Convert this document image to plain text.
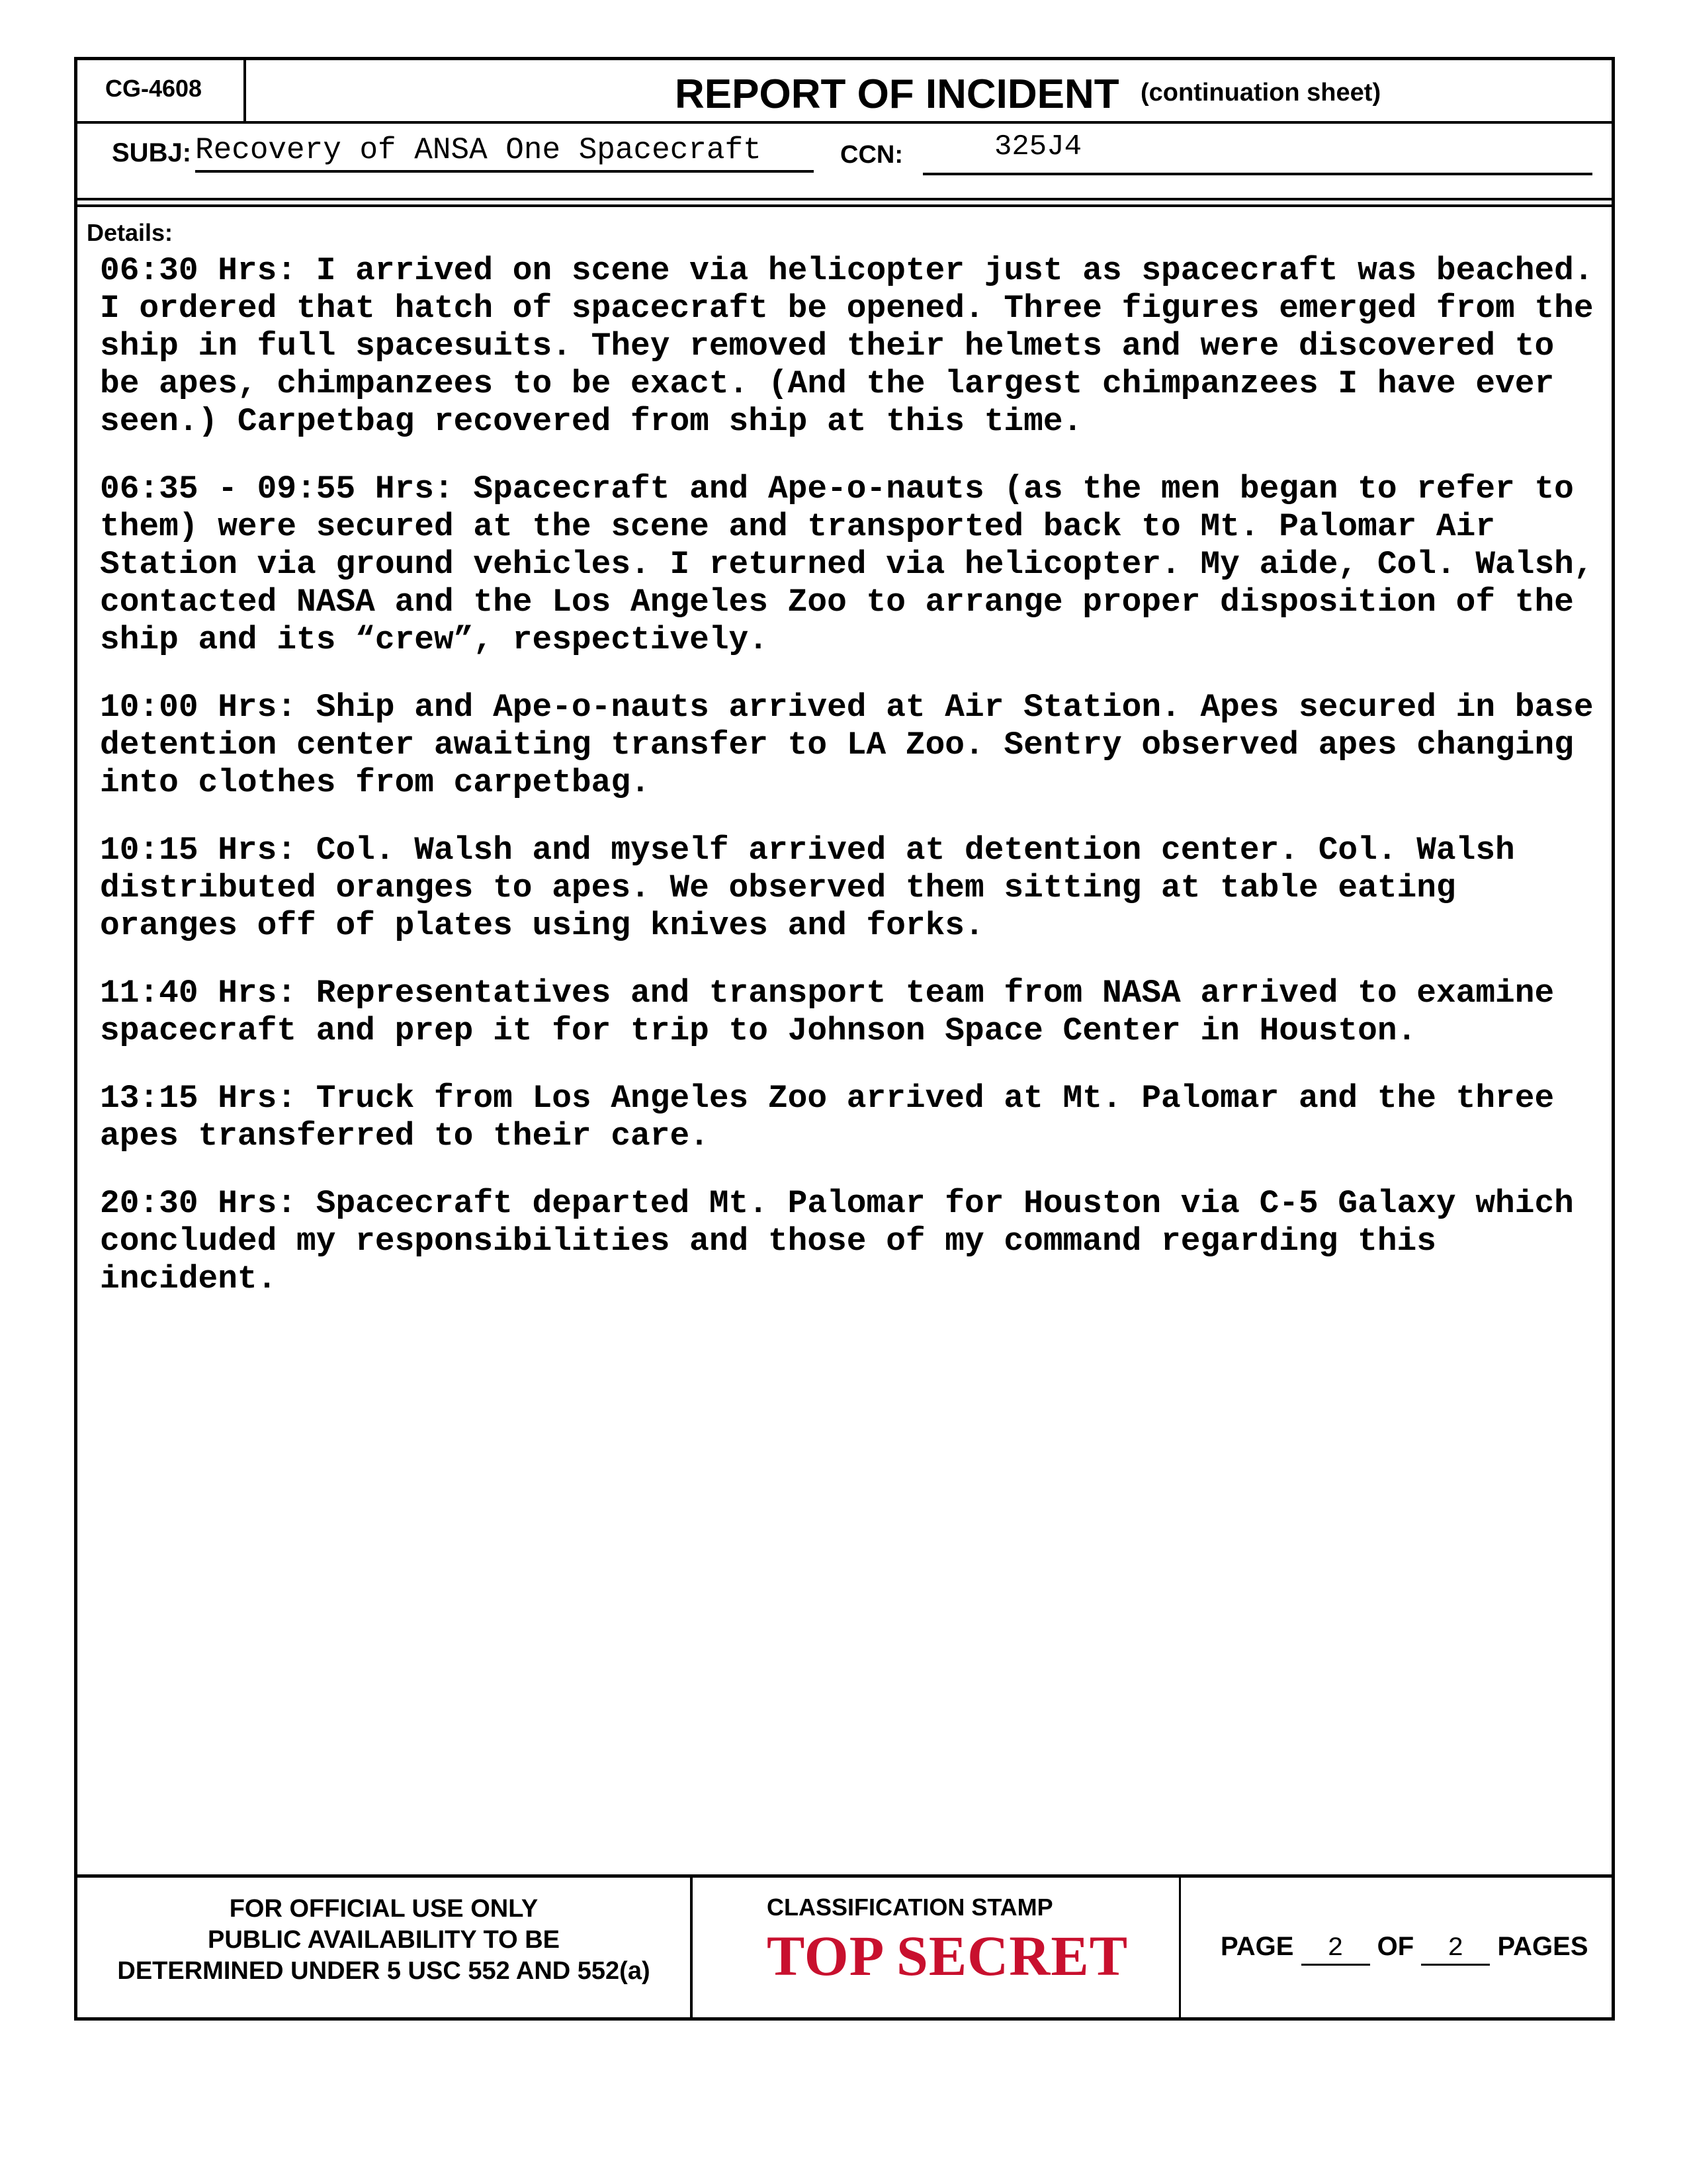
CG-4608	REPORT OF INCIDENT (continuation sheet)
SUBJ: Recovery of ANSA One Spacecraft	CCN:	325J4
Details:

06:30 Hrs: I arrived on scene via helicopter just as spacecraft was beached. I ordered that hatch of spacecraft be opened. Three figures emerged from the ship in full spacesuits. They removed their helmets and were discovered to be apes, chimpanzees to be exact. (And the largest chimpanzees I have ever seen.) Carpetbag recovered from ship at this time.

06:35 - 09:55 Hrs: Spacecraft and Ape-o-nauts (as the men began to refer to them) were secured at the scene and transported back to Mt. Palomar Air Station via ground vehicles. I returned via helicopter. My aide, Col. Walsh, contacted NASA and the Los Angeles Zoo to arrange proper disposition of the ship and its “crew”, respectively.

10:00 Hrs: Ship and Ape-o-nauts arrived at Air Station. Apes secured in base detention center awaiting transfer to LA Zoo. Sentry observed apes changing into clothes from carpetbag.

10:15 Hrs: Col. Walsh and myself arrived at detention center. Col. Walsh distributed oranges to apes. We observed them sitting at table eating oranges off of plates using knives and forks.

11:40 Hrs: Representatives and transport team from NASA arrived to examine spacecraft and prep it for trip to Johnson Space Center in Houston.

13:15 Hrs: Truck from Los Angeles Zoo arrived at Mt. Palomar and the three apes transferred to their care.

20:30 Hrs: Spacecraft departed Mt. Palomar for Houston via C-5 Galaxy which concluded my responsibilities and those of my command regarding this incident.

FOR OFFICIAL USE ONLY
PUBLIC AVAILABILITY TO BE
DETERMINED UNDER 5 USC 552 AND 552(a)
CLASSIFICATION STAMP
TOP SECRET	PAGE 2 OF 2 PAGES
